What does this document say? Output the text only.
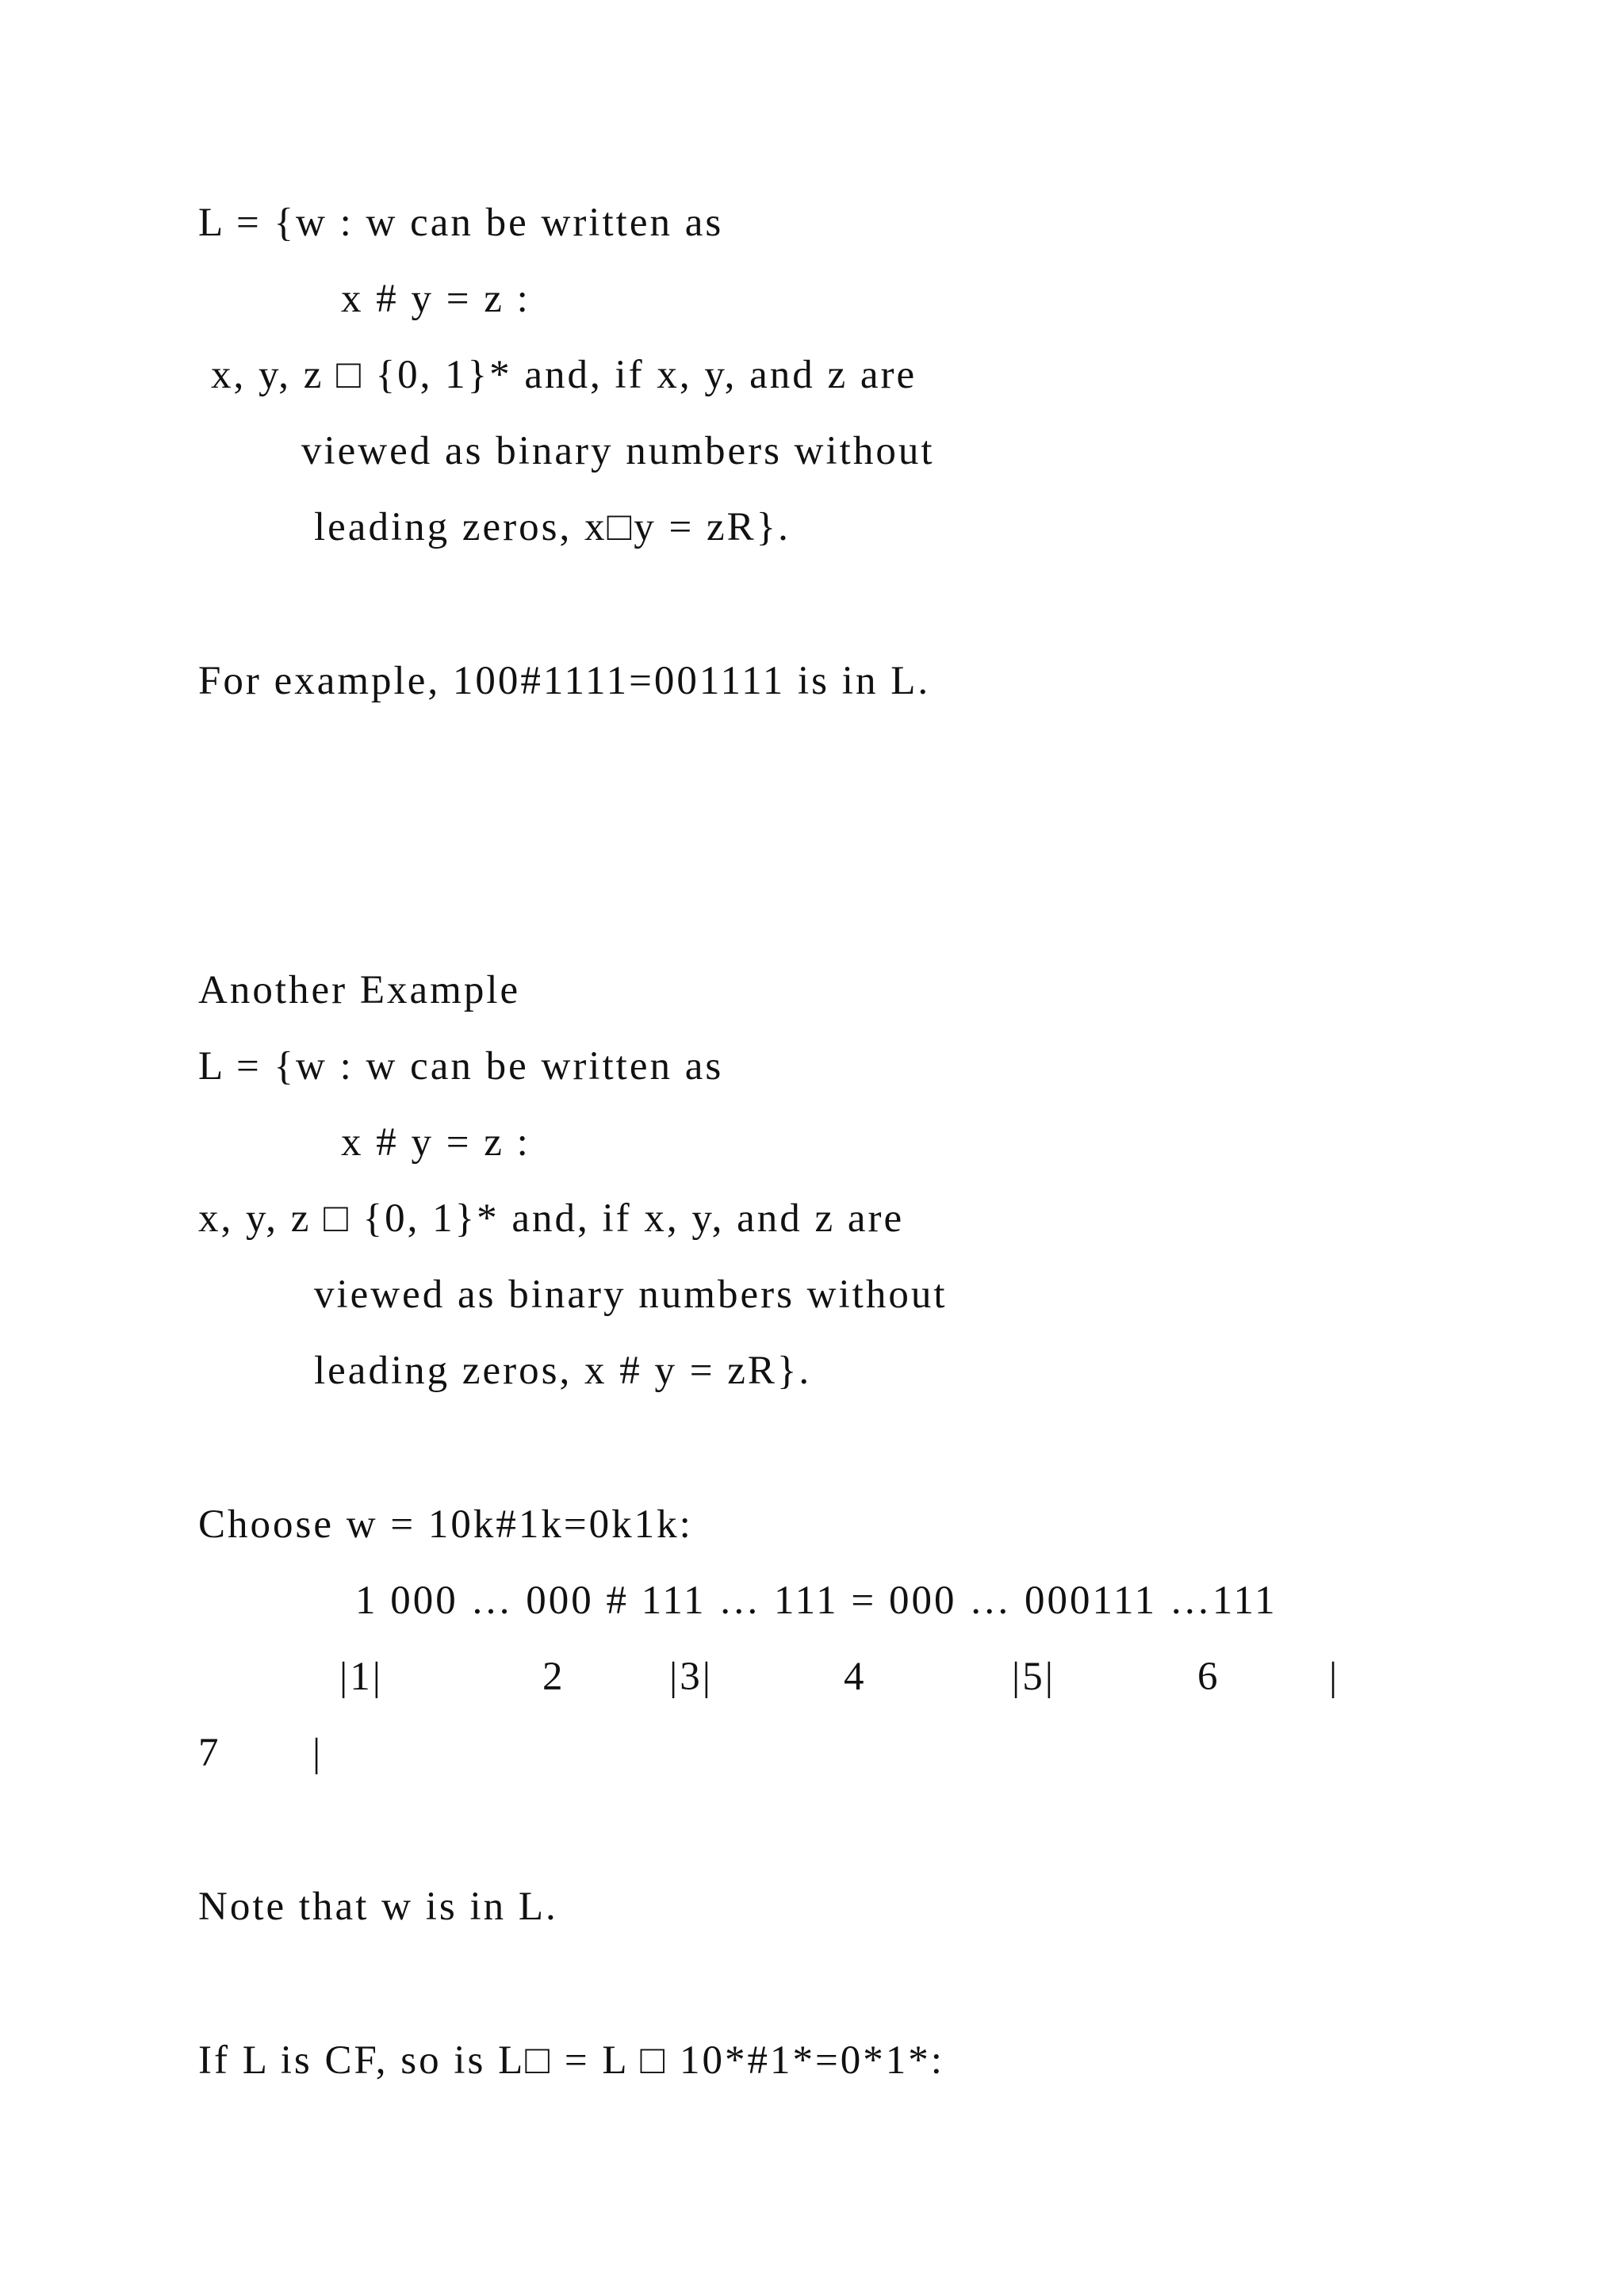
L = {w : w can be written as
x # y = z :
x, y, z □ {0, 1}* and, if x, y, and z are
viewed as binary numbers without
leading zeros, x□y = zR}.
For example, 100#1111=001111 is in L.
Another Example
L = {w : w can be written as
x # y = z :
x, y, z □ {0, 1}* and, if x, y, and z are
viewed as binary numbers without
leading zeros, x # y = zR}.
Choose w = 10k#1k=0k1k:
1 000 … 000 # 111 … 111 = 000 … 000111 …111
|1|	2	|3|	4	|5|	6	|
7 |
Note that w is in L.
If L is CF, so is L□ = L □ 10*#1*=0*1*:
